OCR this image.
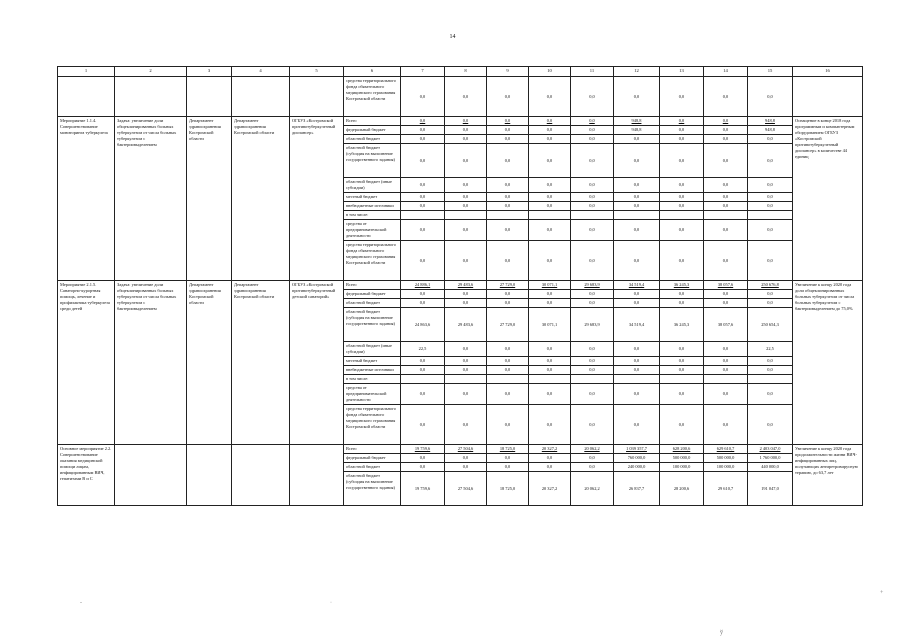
14
1	2	3	4	5	6	7	8	9	10	11	12	13	14	15	16
					средства территориального фонда обязательного медицинского страхования Костромской области	0,0	0,0	0,0	0,0	0,0	0,0	0,0	0,0	0,0	
Мероприятие 1.1.4. Совершенствование мониторинга туберкулеза	Задача: увеличение доли общеклинированных больных туберкулезом от числа больных туберкулезом с бактериовыделением	Департамент здравоохранения Костромской области	Департамент здравоохранения Костромской области	ОГБУЗ «Костромской противотуберкулезный диспансер»	Всего	0,0	0,0	0,0	0,0	0,0	948,8	0,0	0,0	948,8	Оснащение в конце 2018 года программным и компьютерным оборудованием ОГБУЗ «Костромской противотуберкулезный диспансер» в количестве 44 единиц
					федеральный бюджет	0,0	0,0	0,0	0,0	0,0	948,8	0,0	0,0	948,8	
					областной бюджет	0,0	0,0	0,0	0,0	0,0	0,0	0,0	0,0	0,0	
					областной бюджет (субсидия на выполнение государственного задания)	0,0	0,0	0,0	0,0	0,0	0,0	0,0	0,0	0,0	
					областной бюджет (иные субсидии)	0,0	0,0	0,0	0,0	0,0	0,0	0,0	0,0	0,0	
					местный бюджет	0,0	0,0	0,0	0,0	0,0	0,0	0,0	0,0	0,0	
					внебюджетные источники	0,0	0,0	0,0	0,0	0,0	0,0	0,0	0,0	0,0	
					в том числе:										
					средства от предпринимательской деятельности	0,0	0,0	0,0	0,0	0,0	0,0	0,0	0,0	0,0	
					средства территориального фонда обязательного медицинского страхования Костромской области	0,0	0,0	0,0	0,0	0,0	0,0	0,0	0,0	0,0	
Мероприятие 2.1.5. Санаторно-курортная помощь, лечение и профилактика туберкулеза среди детей	Задача: увеличение доли общеклинированных больных туберкулезом от числа больных туберкулезом с бактериовыделением	Департамент здравоохранения Костромской области	Департамент здравоохранения Костромской области	ОГБУЗ «Костромской противотуберкулезный детский санаторий»	Всего	24 886,1	29 483,6	27 729,0	30 071,1	29 683,9	34 519,4	36 245,3	38 057,6	250 676,8	Увеличение к концу 2020 года доли общеклинированных больных туберкулезом от числа больных туберкулезом с бактериовыделением до 75,0%
					федеральный бюджет	0,0	0,0	0,0	0,0	0,0	0,0	0,0	0,0	0,0	
					областной бюджет	0,0	0,0	0,0	0,0	0,0	0,0	0,0	0,0	0,0	
					областной бюджет (субсидия на выполнение государственного задания)	24 863,6	29 483,6	27 729,0	30 071,1	29 683,9	34 519,4	36 245,3	38 057,6	250 654,3	
					областной бюджет (иные субсидии)	22,5	0,0	0,0	0,0	0,0	0,0	0,0	0,0	22,5	
					местный бюджет	0,0	0,0	0,0	0,0	0,0	0,0	0,0	0,0	0,0	
					внебюджетные источники	0,0	0,0	0,0	0,0	0,0	0,0	0,0	0,0	0,0	
					в том числе:										
					средства от предпринимательской деятельности	0,0	0,0	0,0	0,0	0,0	0,0	0,0	0,0	0,0	
					средства территориального фонда обязательного медицинского страхования Костромской области	0,0	0,0	0,0	0,0	0,0	0,0	0,0	0,0	0,0	
Основное мероприятие 2.2. Совершенствование оказания медицинской помощи лицам, инфицированным ВИЧ, гепатитами В и С					Всего	19 759,6	27 504,6	18 725,0	20 327,2	20 062,2	1 039 357,7	628 200,6	629 610,7	2 403 047,0	Увеличение к концу 2020 года продолжительности жизни ВИЧ-инфицированных лиц, получающих антиретровирусную терапию, до 63,7 лет
					федеральный бюджет	0,0	0,0	0,0	0,0	0,0	760 000,0	500 000,0	500 000,0	1 760 000,0	
					областной бюджет	0,0	0,0	0,0	0,0	0,0	240 000,0	100 000,0	100 000,0	440 000,0	
					областной бюджет (субсидия на выполнение государственного задания)	19 759,6	27 504,6	18 725,0	20 327,2	20 062,2	26 837,7	28 200,6	29 610,7	191 047,0	
-	·
ў
+
